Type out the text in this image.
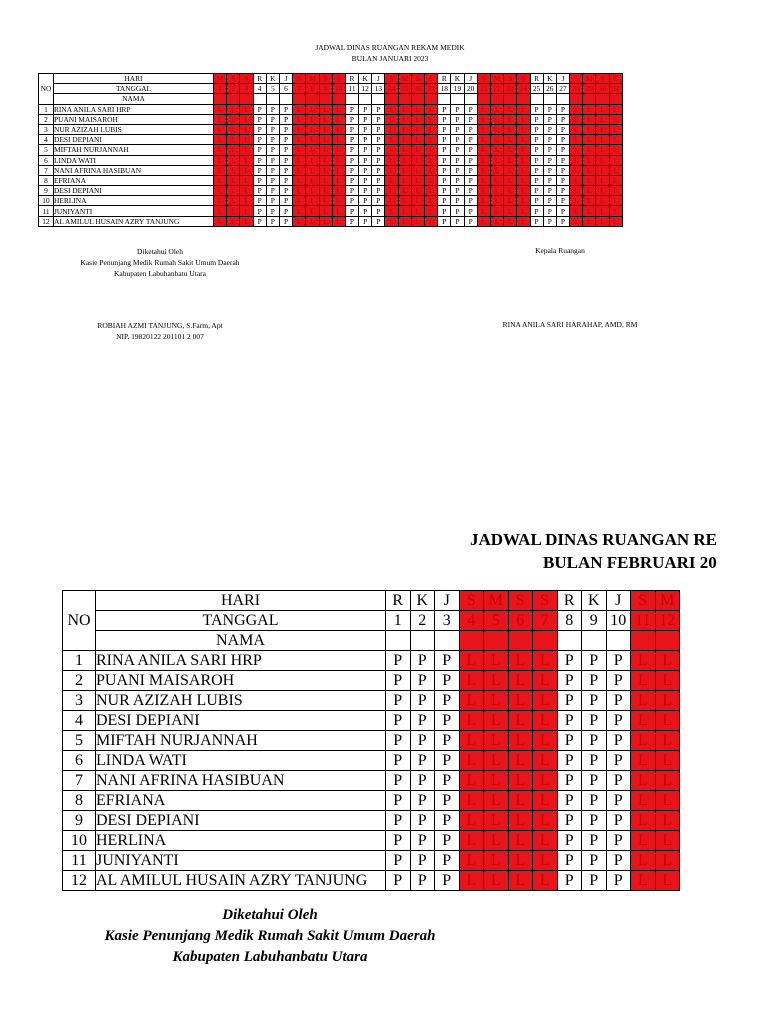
JADWAL DINAS RUANGAN REKAM MEDIK
BULAN JANUARI 2023
NO	HARI	M	S	S	R	K	J	S	M	S	S	R	K	J	S	M	S	S	R	K	J	S	M	S	S	R	K	J	S	M	S	S
	TANGGAL	1	2	3	4	5	6	7	8	9	10	11	12	13	14	15	16	17	18	19	20	21	22	23	24	25	26	27	28	29	30	31
	NAMA																															
1	RINA ANILA SARI HRP	L	L	L	P	P	P	L	L	L	L	P	P	P	L	L	L	L	P	P	P	L	L	L	L	P	P	P	L	L	L	L
2	PUANI MAISAROH	L	L	L	P	P	P	L	L	L	L	P	P	P	L	L	L	L	P	P	P	L	L	L	L	P	P	P	L	L	L	L
3	NUR AZIZAH LUBIS	L	L	L	P	P	P	L	L	L	L	P	P	P	L	L	L	L	P	P	P	L	L	L	L	P	P	P	L	L	L	L
4	DESI DEPIANI	L	L	L	P	P	P	L	L	L	L	P	P	P	L	L	L	L	P	P	P	L	L	L	L	P	P	P	L	L	L	L
5	MIFTAH NURJANNAH	L	L	L	P	P	P	L	L	L	L	P	P	P	L	L	L	L	P	P	P	L	L	L	L	P	P	P	L	L	L	L
6	LINDA WATI	L	L	L	P	P	P	L	L	L	L	P	P	P	L	L	L	L	P	P	P	L	L	L	L	P	P	P	L	L	L	L
7	NANI AFRINA HASIBUAN	L	L	L	P	P	P	L	L	L	L	P	P	P	L	L	L	L	P	P	P	L	L	L	L	P	P	P	L	L	L	L
8	EFRIANA	L	L	L	P	P	P	L	L	L	L	P	P	P	L	L	L	L	P	P	P	L	L	L	L	P	P	P	L	L	L	L
9	DESI DEPIANI	L	L	L	P	P	P	L	L	L	L	P	P	P	L	L	L	L	P	P	P	L	L	L	L	P	P	P	L	L	L	L
10	HERLINA	L	L	L	P	P	P	L	L	L	L	P	P	P	L	L	L	L	P	P	P	L	L	L	L	P	P	P	L	L	L	L
11	JUNIYANTI	L	L	L	P	P	P	L	L	L	L	P	P	P	L	L	L	L	P	P	P	L	L	L	L	P	P	P	L	L	L	L
12	AL AMILUL HUSAIN AZRY TANJUNG	L	L	L	P	P	P	L	L	L	L	P	P	P	L	L	L	L	P	P	P	L	L	L	L	P	P	P	L	L	L	L
Diketahui Oleh
Kasie Penunjang Medik Rumah Sakit Umum Daerah
Kabupaten Labuhanbatu Utara
Kepala Ruangan
ROBIAH AZMI TANJUNG, S.Farm, Apt
NIP. 19820122 201101 2 007
RINA ANILA SARI HARAHAP, AMD, RM
JADWAL DINAS RUANGAN RE
BULAN FEBRUARI 20
NO	HARI	R	K	J	S	M	S	S	R	K	J	S	M
	TANGGAL	1	2	3	4	5	6	7	8	9	10	11	12
	NAMA												
1	RINA ANILA SARI HRP	P	P	P	L	L	L	L	P	P	P	L	L
2	PUANI MAISAROH	P	P	P	L	L	L	L	P	P	P	L	L
3	NUR AZIZAH LUBIS	P	P	P	L	L	L	L	P	P	P	L	L
4	DESI DEPIANI	P	P	P	L	L	L	L	P	P	P	L	L
5	MIFTAH NURJANNAH	P	P	P	L	L	L	L	P	P	P	L	L
6	LINDA WATI	P	P	P	L	L	L	L	P	P	P	L	L
7	NANI AFRINA HASIBUAN	P	P	P	L	L	L	L	P	P	P	L	L
8	EFRIANA	P	P	P	L	L	L	L	P	P	P	L	L
9	DESI DEPIANI	P	P	P	L	L	L	L	P	P	P	L	L
10	HERLINA	P	P	P	L	L	L	L	P	P	P	L	L
11	JUNIYANTI	P	P	P	L	L	L	L	P	P	P	L	L
12	AL AMILUL HUSAIN AZRY TANJUNG	P	P	P	L	L	L	L	P	P	P	L	L
Diketahui Oleh
Kasie Penunjang Medik Rumah Sakit Umum Daerah
Kabupaten Labuhanbatu Utara
